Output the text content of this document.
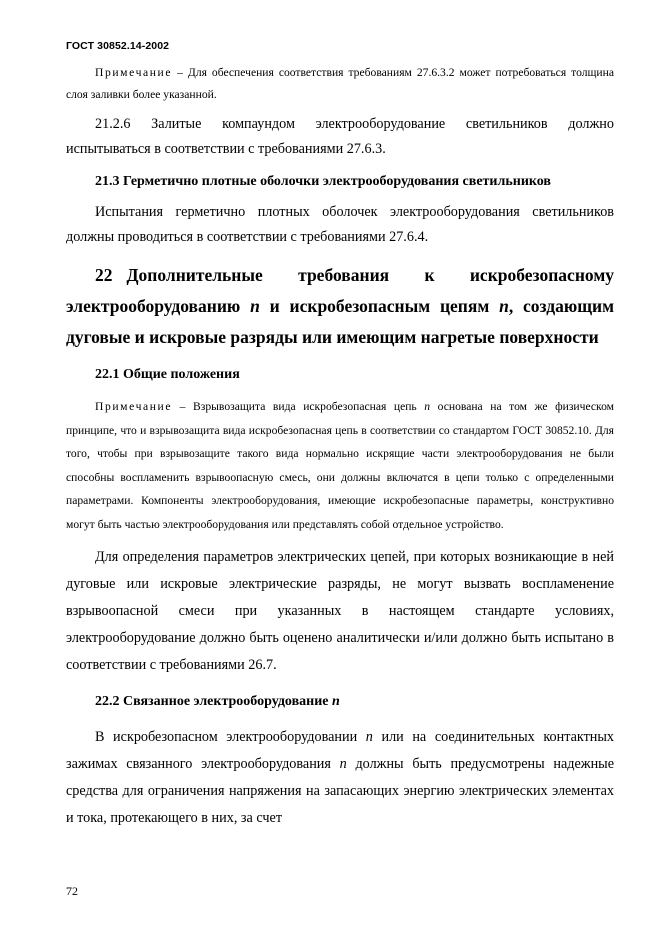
ГОСТ 30852.14-2002

Примечание – Для обеспечения соответствия требованиям 27.6.3.2 может потребоваться толщина слоя заливки более указанной.

21.2.6 Залитые компаундом электрооборудование светильников должно испытываться в соответствии с требованиями 27.6.3.

21.3 Герметично плотные оболочки электрооборудования светильников

Испытания герметично плотных оболочек электрооборудования светильников должны проводиться в соответствии с требованиями 27.6.4.

22 Дополнительные требования к искробезопасному электрооборудованию n и искробезопасным цепям n, создающим дуговые и искровые разряды или имеющим нагретые поверхности

22.1 Общие положения

Примечание – Взрывозащита вида искробезопасная цепь n основана на том же физическом принципе, что и взрывозащита вида искробезопасная цепь в соответствии со стандартом ГОСТ 30852.10. Для того, чтобы при взрывозащите такого вида нормально искрящие части электрооборудования не были способны воспламенить взрывоопасную смесь, они должны включатся в цепи только с определенными параметрами. Компоненты электрооборудования, имеющие искробезопасные параметры, конструктивно могут быть частью электрооборудования или представлять собой отдельное устройство.

Для определения параметров электрических цепей, при которых возникающие в ней дуговые или искровые электрические разряды, не могут вызвать воспламенение взрывоопасной смеси при указанных в настоящем стандарте условиях, электрооборудование должно быть оценено аналитически и/или должно быть испытано в соответствии с требованиями 26.7.

22.2 Связанное электрооборудование n

В искробезопасном электрооборудовании n или на соединительных контактных зажимах связанного электрооборудования n должны быть предусмотрены надежные средства для ограничения напряжения на запасающих энергию электрических элементах и тока, протекающего в них, за счет

72
